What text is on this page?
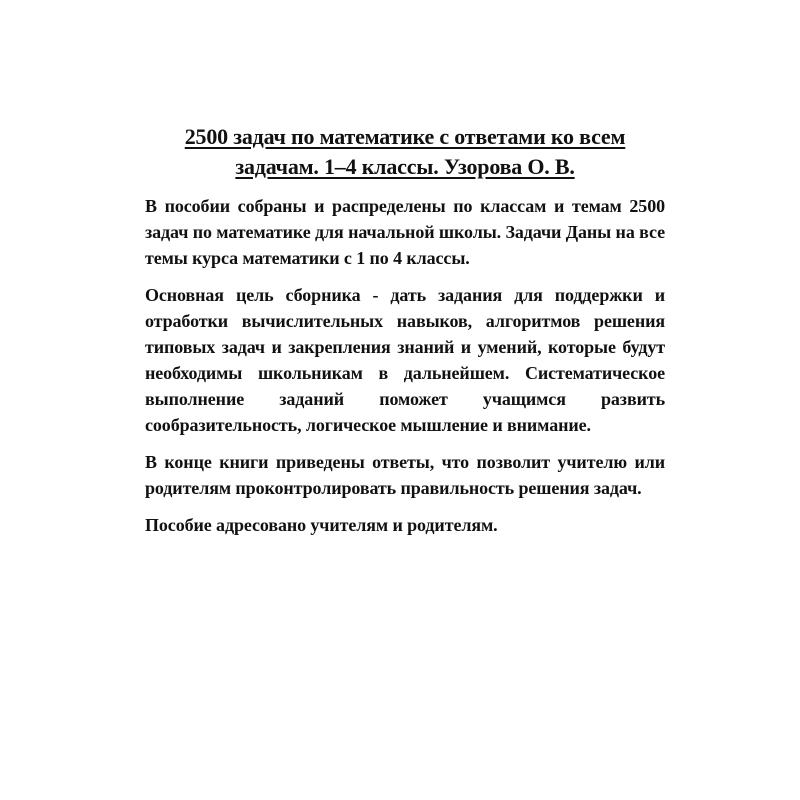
2500 задач по математике с ответами ко всем задачам. 1–4 классы. Узорова О. В.

В пособии собраны и распределены по классам и темам 2500 задач по математике для начальной школы. Задачи Даны на все темы курса математики с 1 по 4 классы.

Основная цель сборника - дать задания для поддержки и отработки вычислительных навыков, алгоритмов решения типовых задач и закрепления знаний и умений, которые будут необходимы школьникам в дальнейшем. Систематическое выполнение заданий поможет учащимся развить сообразительность, логическое мышление и внимание.

В конце книги приведены ответы, что позволит учителю или родителям проконтролировать правильность решения задач.

Пособие адресовано учителям и родителям.
